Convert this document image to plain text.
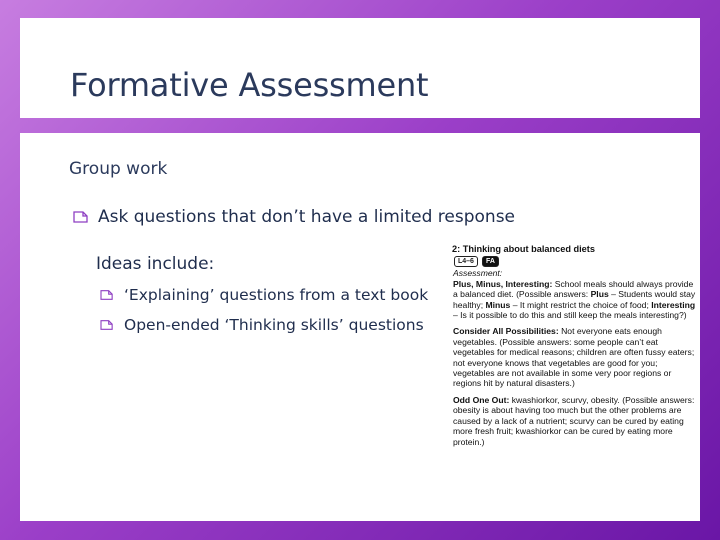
Formative Assessment
Group work
Ask questions that don’t have a limited response
Ideas include:
‘Explaining’ questions from a text book
Open-ended ‘Thinking skills’ questions
2: Thinking about balanced diets
L4–6	FA
Assessment:

Plus, Minus, Interesting: School meals should always provide a balanced diet. (Possible answers: Plus – Students would stay healthy; Minus – It might restrict the choice of food; Interesting – Is it possible to do this and still keep the meals interesting?)

Consider All Possibilities: Not everyone eats enough vegetables. (Possible answers: some people can’t eat vegetables for medical reasons; children are often fussy eaters; not everyone knows that vegetables are good for you; vegetables are not available in some very poor regions or regions hit by natural disasters.)

Odd One Out: kwashiorkor, scurvy, obesity. (Possible answers: obesity is about having too much but the other problems are caused by a lack of a nutrient; scurvy can be cured by eating more fresh fruit; kwashiorkor can be cured by eating more protein.)
